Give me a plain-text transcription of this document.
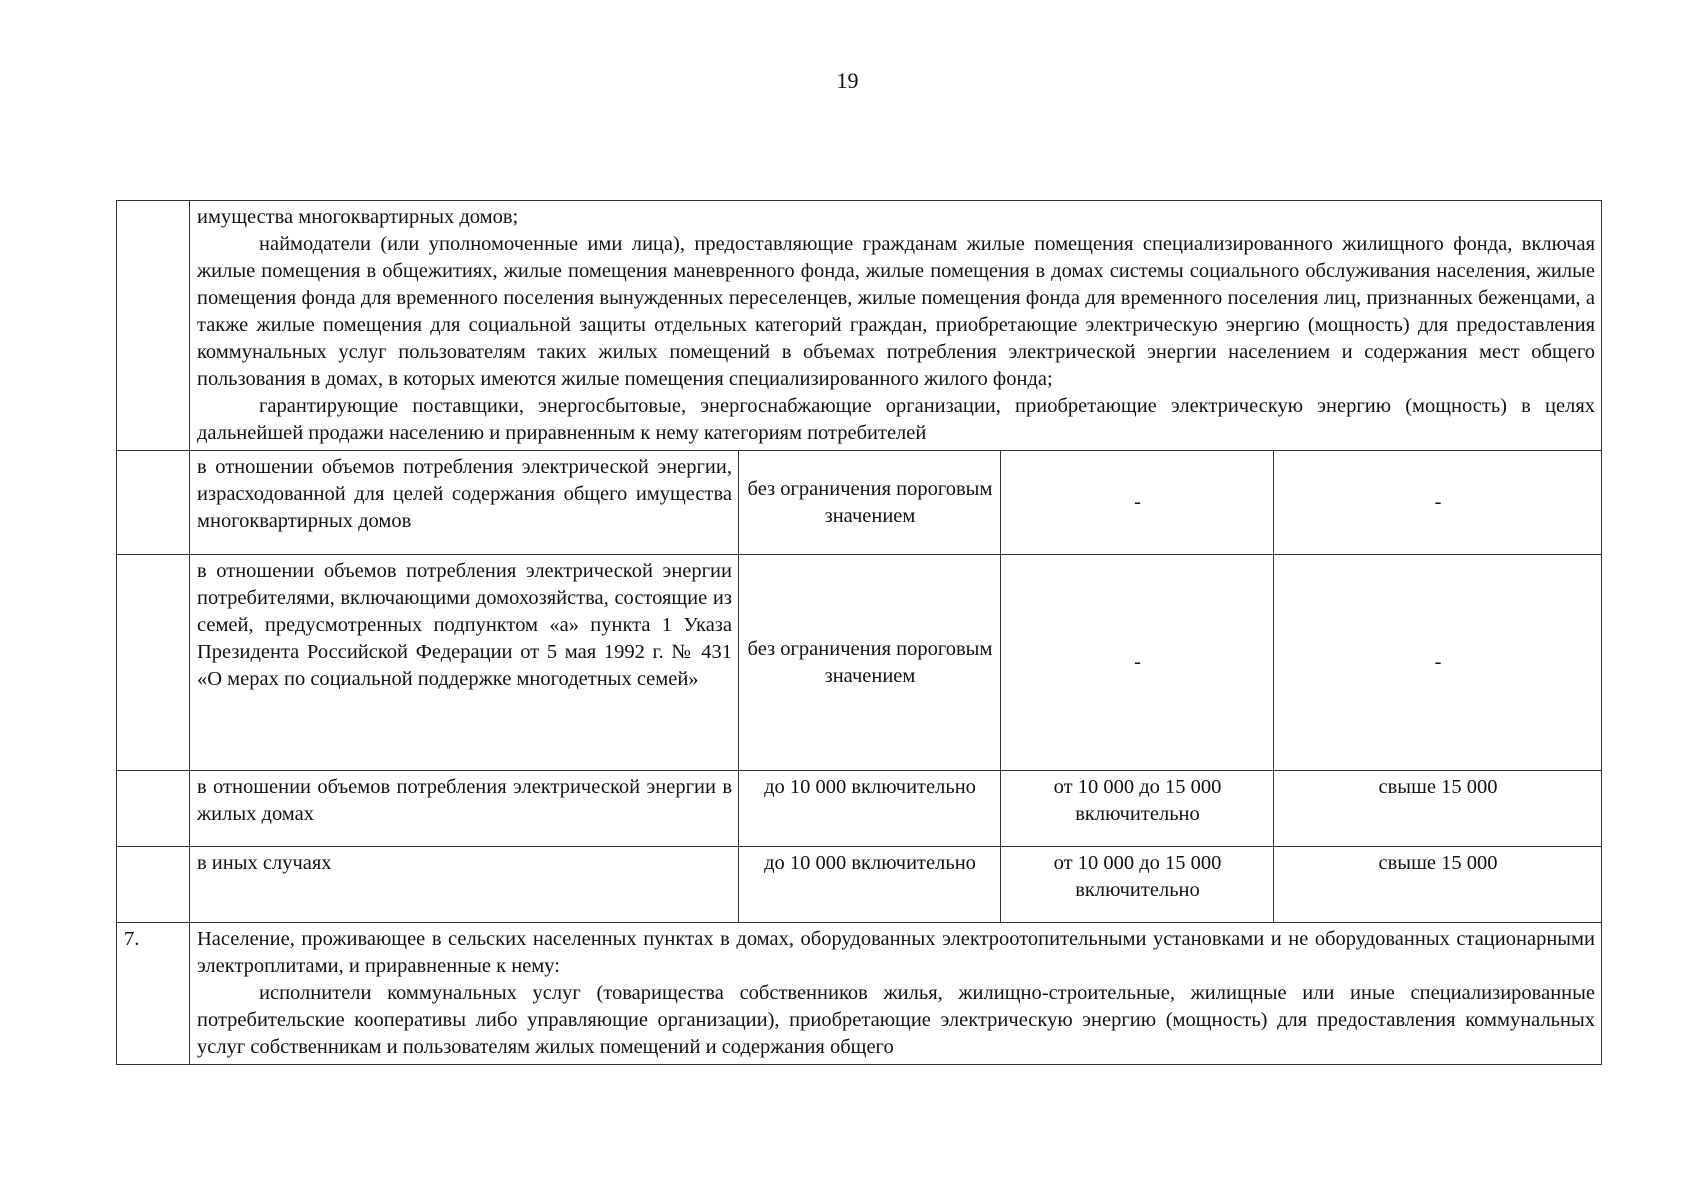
19

	имущества многоквартирных домов;

наймодатели (или уполномоченные ими лица), предоставляющие гражданам жилые помещения специализированного жилищного фонда, включая жилые помещения в общежитиях, жилые помещения маневренного фонда, жилые помещения в домах системы социального обслуживания населения, жилые помещения фонда для временного поселения вынужденных переселенцев, жилые помещения фонда для временного поселения лиц, признанных беженцами, а также жилые помещения для социальной защиты отдельных категорий граждан, приобретающие электрическую энергию (мощность) для предоставления коммунальных услуг пользователям таких жилых помещений в объемах потребления электрической энергии населением и содержания мест общего пользования в домах, в которых имеются жилые помещения специализированного жилого фонда;

гарантирующие поставщики, энергосбытовые, энергоснабжающие организации, приобретающие электрическую энергию (мощность) в целях дальнейшей продажи населению и приравненным к нему категориям потребителей			

	в отношении объемов потребления электрической энергии, израсходованной для целей содержания общего имущества многоквартирных домов	без ограничения пороговым значением	-	-
	в отношении объемов потребления электрической энергии потребителями, включающими домохозяйства, состоящие из семей, предусмотренных подпунктом «а» пункта 1 Указа Президента Российской Федерации от 5 мая 1992 г. № 431 «О мерах по социальной поддержке многодетных семей»	без ограничения пороговым значением	-	-
	в отношении объемов потребления электрической энергии в жилых домах	до 10 000 включительно	от 10 000 до 15 000 включительно	свыше 15 000
	в иных случаях	до 10 000 включительно	от 10 000 до 15 000 включительно	свыше 15 000
7.	Население, проживающее в сельских населенных пунктах в домах, оборудованных электроотопительными установками и не оборудованных стационарными электроплитами, и приравненные к нему:

исполнители коммунальных услуг (товарищества собственников жилья, жилищно-строительные, жилищные или иные специализированные потребительские кооперативы либо управляющие организации), приобретающие электрическую энергию (мощность) для предоставления коммунальных услуг собственникам и пользователям жилых помещений и содержания общего			
